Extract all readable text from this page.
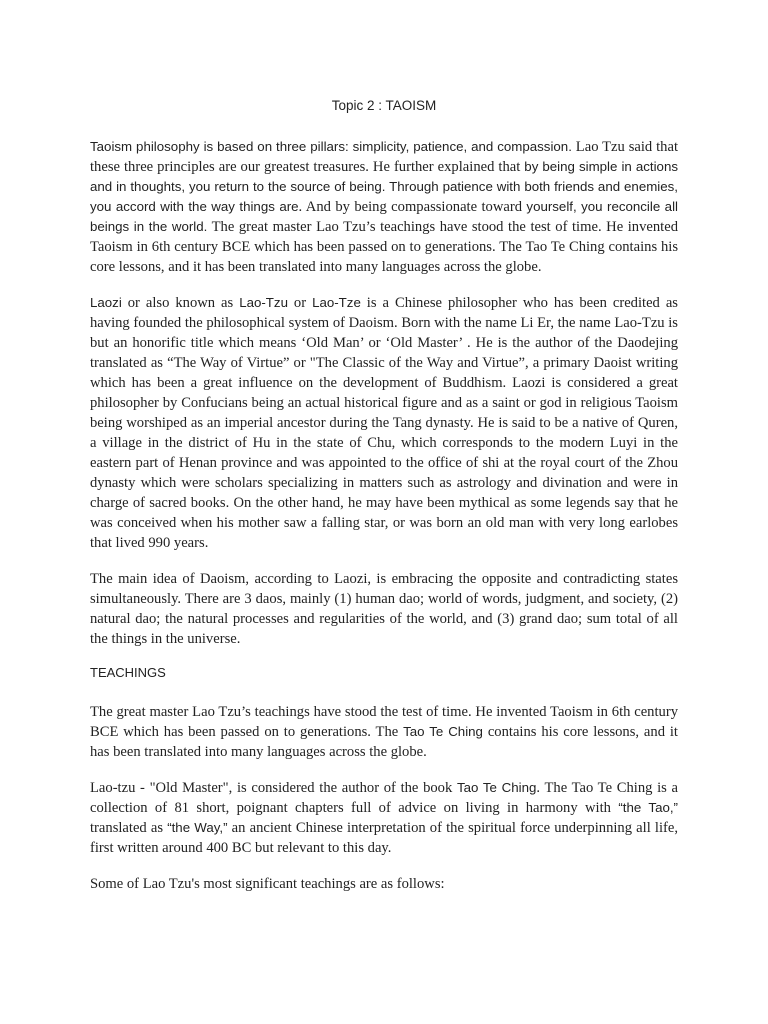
Topic 2 : TAOISM

Taoism philosophy is based on three pillars: simplicity, patience, and compassion. Lao Tzu said that these three principles are our greatest treasures. He further explained that by being simple in actions and in thoughts, you return to the source of being. Through patience with both friends and enemies, you accord with the way things are. And by being compassionate toward yourself, you reconcile all beings in the world. The great master Lao Tzu’s teachings have stood the test of time. He invented Taoism in 6th century BCE which has been passed on to generations. The Tao Te Ching contains his core lessons, and it has been translated into many languages across the globe.

Laozi or also known as Lao-Tzu or Lao-Tze is a Chinese philosopher who has been credited as having founded the philosophical system of Daoism. Born with the name Li Er, the name Lao-Tzu is but an honorific title which means ‘Old Man’ or ‘Old Master’ . He is the author of the Daodejing translated as “The Way of Virtue” or "The Classic of the Way and Virtue”, a primary Daoist writing which has been a great influence on the development of Buddhism. Laozi is considered a great philosopher by Confucians being an actual historical figure and as a saint or god in religious Taoism being worshiped as an imperial ancestor during the Tang dynasty. He is said to be a native of Quren, a village in the district of Hu in the state of Chu, which corresponds to the modern Luyi in the eastern part of Henan province and was appointed to the office of shi at the royal court of the Zhou dynasty which were scholars specializing in matters such as astrology and divination and were in charge of sacred books. On the other hand, he may have been mythical as some legends say that he was conceived when his mother saw a falling star, or was born an old man with very long earlobes that lived 990 years.

The main idea of Daoism, according to Laozi, is embracing the opposite and contradicting states simultaneously. There are 3 daos, mainly (1) human dao; world of words, judgment, and society, (2) natural dao; the natural processes and regularities of the world, and (3) grand dao; sum total of all the things in the universe.

TEACHINGS

The great master Lao Tzu’s teachings have stood the test of time. He invented Taoism in 6th century BCE which has been passed on to generations. The Tao Te Ching contains his core lessons, and it has been translated into many languages across the globe.

Lao-tzu - "Old Master", is considered the author of the book Tao Te Ching. The Tao Te Ching is a collection of 81 short, poignant chapters full of advice on living in harmony with “the Tao,” translated as “the Way,” an ancient Chinese interpretation of the spiritual force underpinning all life, first written around 400 BC but relevant to this day.

Some of Lao Tzu's most significant teachings are as follows:
